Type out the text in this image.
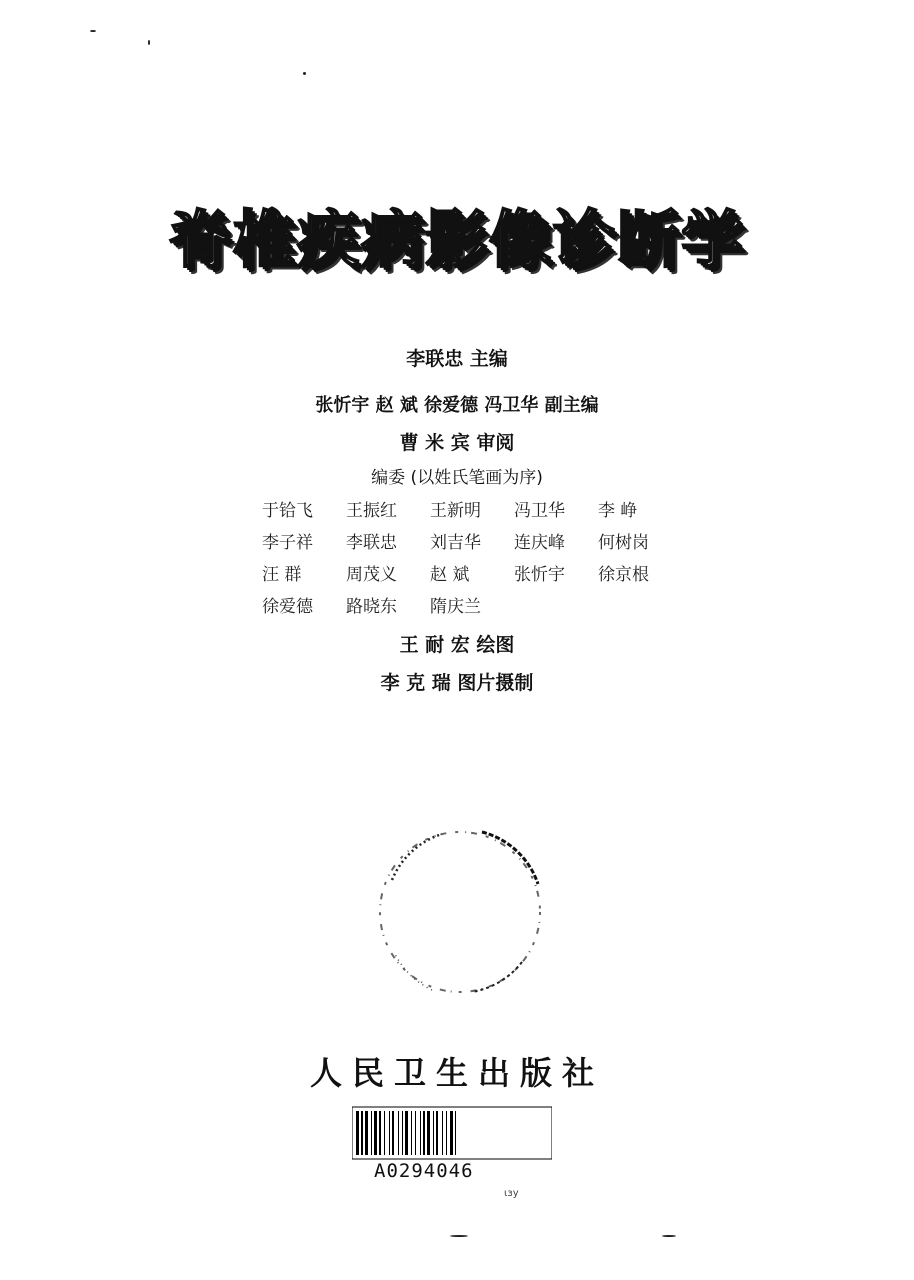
脊椎疾病影像诊断学
李联忠 主编
张忻宇 赵 斌 徐爱德 冯卫华 副主编
曹 米 宾 审阅
编委 (以姓氏笔画为序)
于铪飞	王振红	王新明	冯卫华	李 峥
李子祥	李联忠	刘吉华	连庆峰	何树岗
汪 群	周茂义	赵 斌	张忻宇	徐京根
徐爱德	路晓东	隋庆兰
王 耐 宏 绘图
李 克 瑞 图片摄制
人民卫生出版社
A0294046
ιзу
